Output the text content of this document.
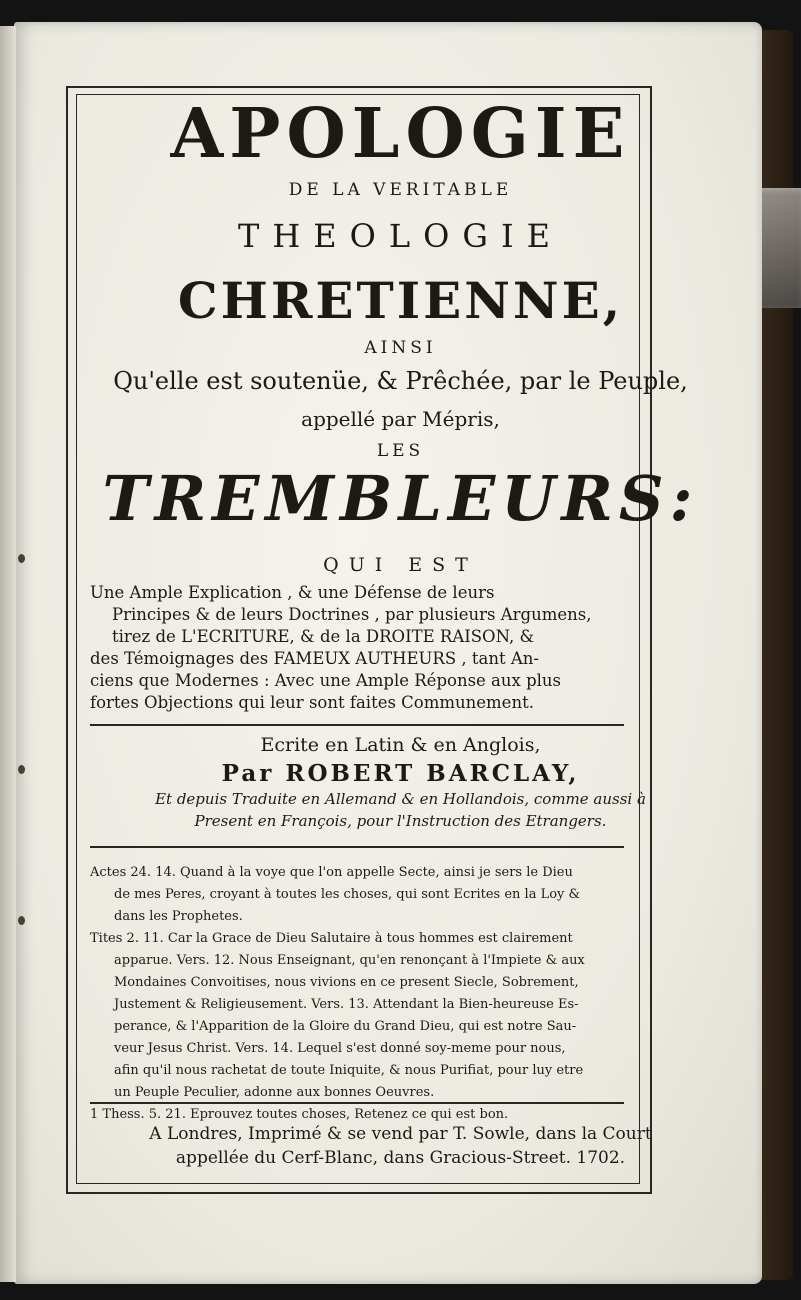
APOLOGIE
DE LA VERITABLE
THEOLOGIE
CHRETIENNE,
AINSI
Qu'elle est soutenüe, & Prêchée, par le Peuple,
appellé par Mépris,
LES
TREMBLEURS:
QUI EST
Une Ample Explication , & une Défense de leurs
Principes & de leurs Doctrines , par plusieurs Argumens,
tirez de L'ECRITURE, & de la DROITE RAISON, &
des Témoignages des FAMEUX AUTHEURS , tant An-
ciens que Modernes : Avec une Ample Réponse aux plus
fortes Objections qui leur sont faites Communement.
Ecrite en Latin & en Anglois,
Par ROBERT BARCLAY,
Et depuis Traduite en Allemand & en Hollandois, comme aussi à
Present en François, pour l'Instruction des Etrangers.
Actes 24. 14. Quand à la voye que l'on appelle Secte, ainsi je sers le Dieu
de mes Peres, croyant à toutes les choses, qui sont Ecrites en la Loy &
dans les Prophetes.
Tites 2. 11. Car la Grace de Dieu Salutaire à tous hommes est clairement
apparue. Vers. 12. Nous Enseignant, qu'en renonçant à l'Impiete & aux
Mondaines Convoitises, nous vivions en ce present Siecle, Sobrement,
Justement & Religieusement. Vers. 13. Attendant la Bien-heureuse Es-
perance, & l'Apparition de la Gloire du Grand Dieu, qui est notre Sau-
veur Jesus Christ. Vers. 14. Lequel s'est donné soy-meme pour nous,
afin qu'il nous rachetat de toute Iniquite, & nous Purifiat, pour luy etre
un Peuple Peculier, adonne aux bonnes Oeuvres.
1 Thess. 5. 21. Eprouvez toutes choses, Retenez ce qui est bon.
A Londres, Imprimé & se vend par T. Sowle, dans la Court
appellée du Cerf-Blanc, dans Gracious-Street. 1702.
